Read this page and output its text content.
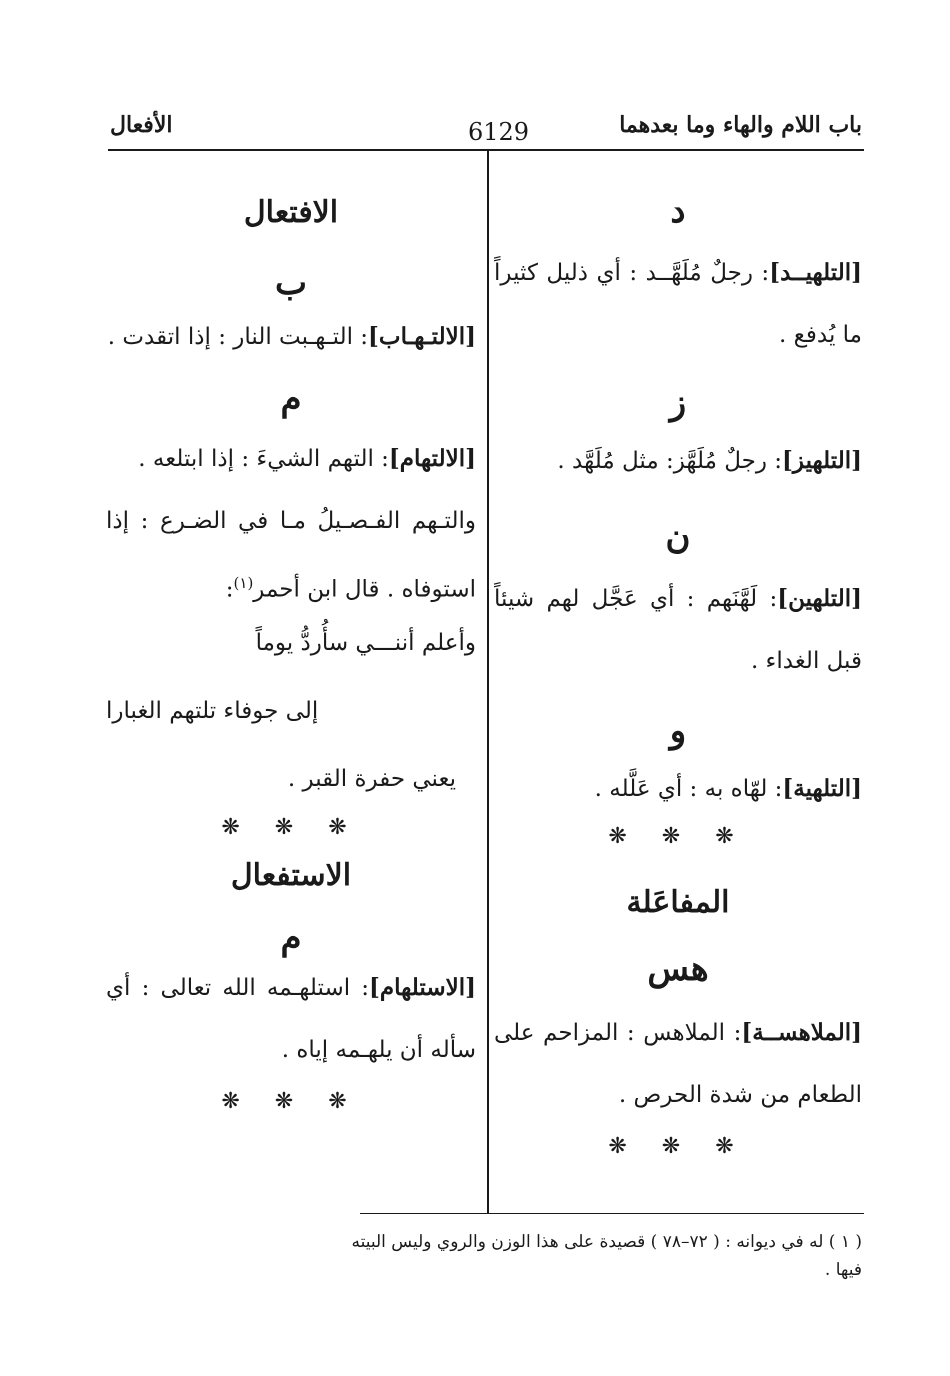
باب اللام والهاء وما بعدهما
6129
الأفعال
د
[التلهيــد]: رجلٌ مُلَهَّــد : أي ذليل كثيراً ما يُدفع .
ز
[التلهيز]: رجلٌ مُلَهَّز: مثل مُلَهَّد .
ن
[التلهين]: لَهَّنَهم : أي عَجَّل لهم شيئاً قبل الغداء .
و
[التلهية]: لهّاه به : أي عَلَّله .
❋ ❋ ❋
المفاعَلة
هس
[الملاهســة]: الملاهس : المزاحم على الطعام من شدة الحرص .
❋ ❋ ❋
الافتعال
ب
[الالتـهـاب]: التـهـبت النار : إذا اتقدت .
م
[الالتهام]: التهم الشيءَ : إذا ابتلعه .
والتـهم الفـصـيلُ مـا في الضـرع : إذا استوفاه . قال ابن أحمر$^{(١)}$:
وأعلم أننـــي سأُردُّ يوماً
إلى جوفاء تلتهم الغبارا
يعني حفرة القبر .
❋ ❋ ❋
الاستفعال
م
[الاستلهام]: استلهـمه الله تعالى : أي سأله أن يلهـمه إياه .
❋ ❋ ❋
( ١ ) له في ديوانه : ( ٧٢–٧٨ ) قصيدة على هذا الوزن والروي وليس البيته فيها .
